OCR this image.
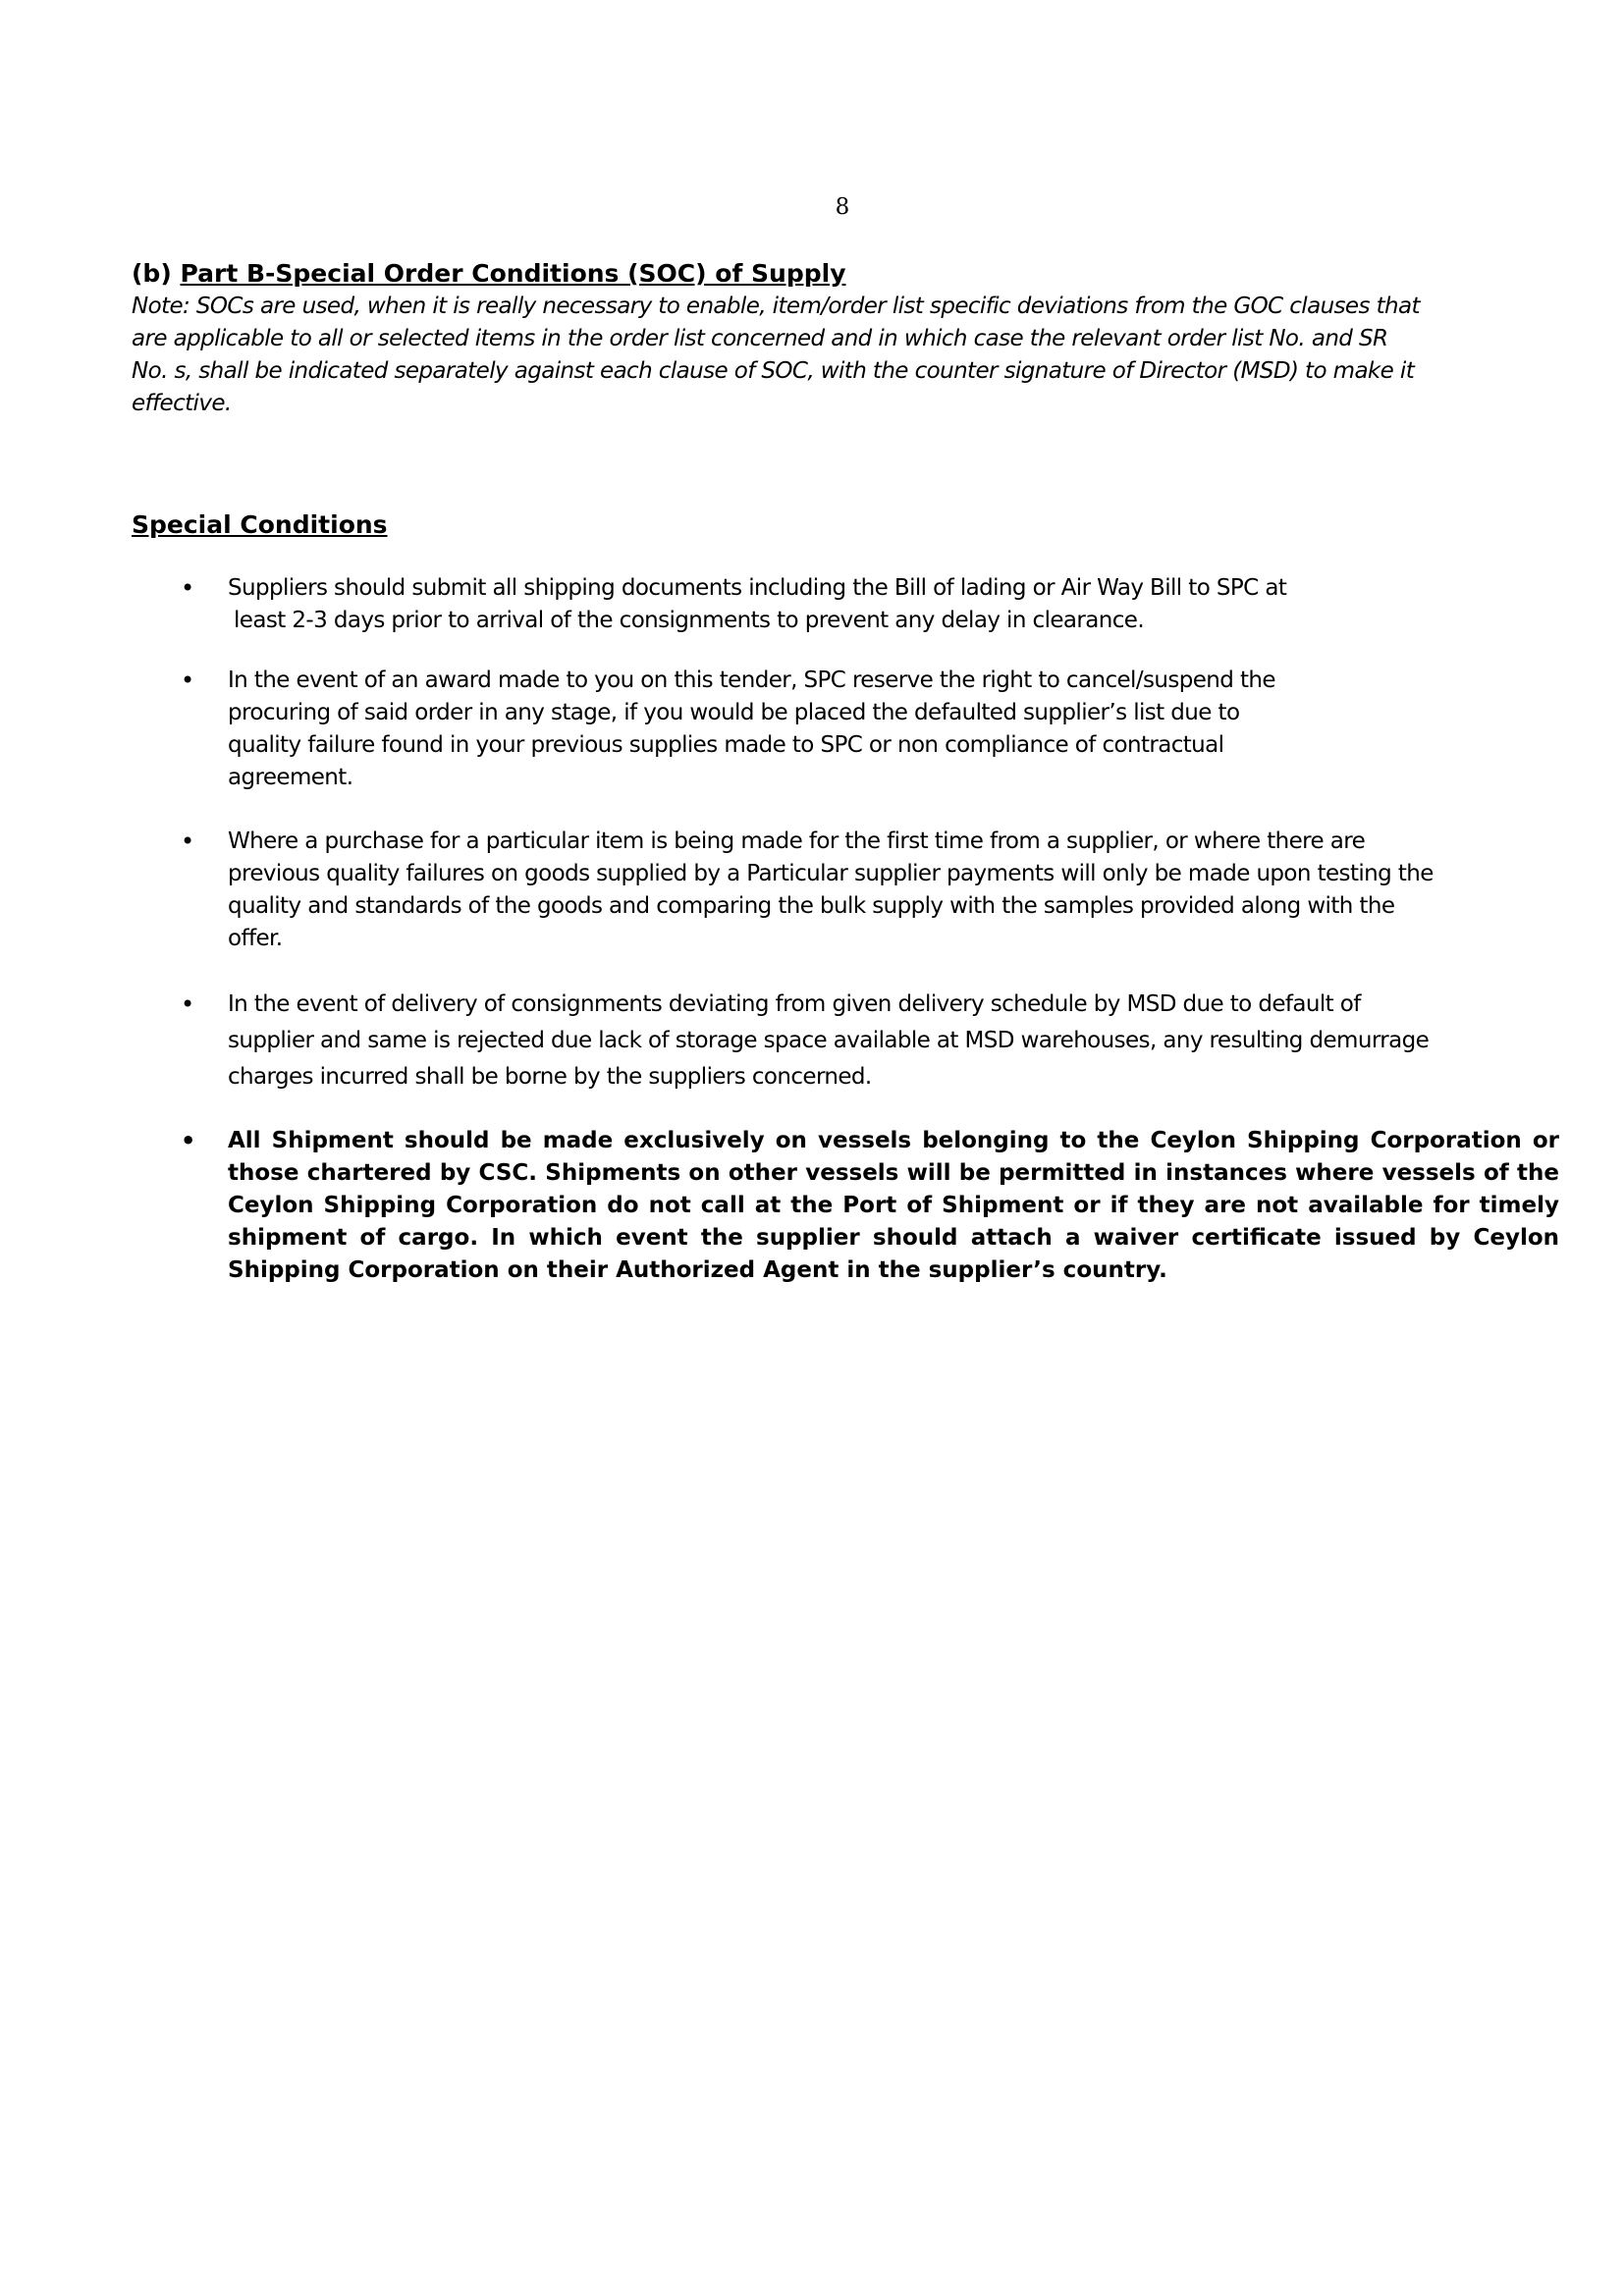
8
(b) Part B-Special Order Conditions (SOC) of Supply
Note: SOCs are used, when it is really necessary to enable, item/order list specific deviations from the GOC clauses that
are applicable to all or selected items in the order list concerned and in which case the relevant order list No. and SR
No. s, shall be indicated separately against each clause of SOC, with the counter signature of Director (MSD) to make it
effective.
Special Conditions
• Suppliers should submit all shipping documents including the Bill of lading or Air Way Bill to SPC at
least 2-3 days prior to arrival of the consignments to prevent any delay in clearance.
• In the event of an award made to you on this tender, SPC reserve the right to cancel/suspend the
procuring of said order in any stage, if you would be placed the defaulted supplier’s list due to
quality failure found in your previous supplies made to SPC or non compliance of contractual
agreement.
• Where a purchase for a particular item is being made for the first time from a supplier, or where there are
previous quality failures on goods supplied by a Particular supplier payments will only be made upon testing the
quality and standards of the goods and comparing the bulk supply with the samples provided along with the
offer.
• In the event of delivery of consignments deviating from given delivery schedule by MSD due to default of
supplier and same is rejected due lack of storage space available at MSD warehouses, any resulting demurrage
charges incurred shall be borne by the suppliers concerned.
• All Shipment should be made exclusively on vessels belonging to the Ceylon Shipping Corporation or those chartered by CSC. Shipments on other vessels will be permitted in instances where vessels of the Ceylon Shipping Corporation do not call at the Port of Shipment or if they are not available for timely shipment of cargo. In which event the supplier should attach a waiver certificate issued by Ceylon Shipping Corporation on their Authorized Agent in the supplier’s country.
